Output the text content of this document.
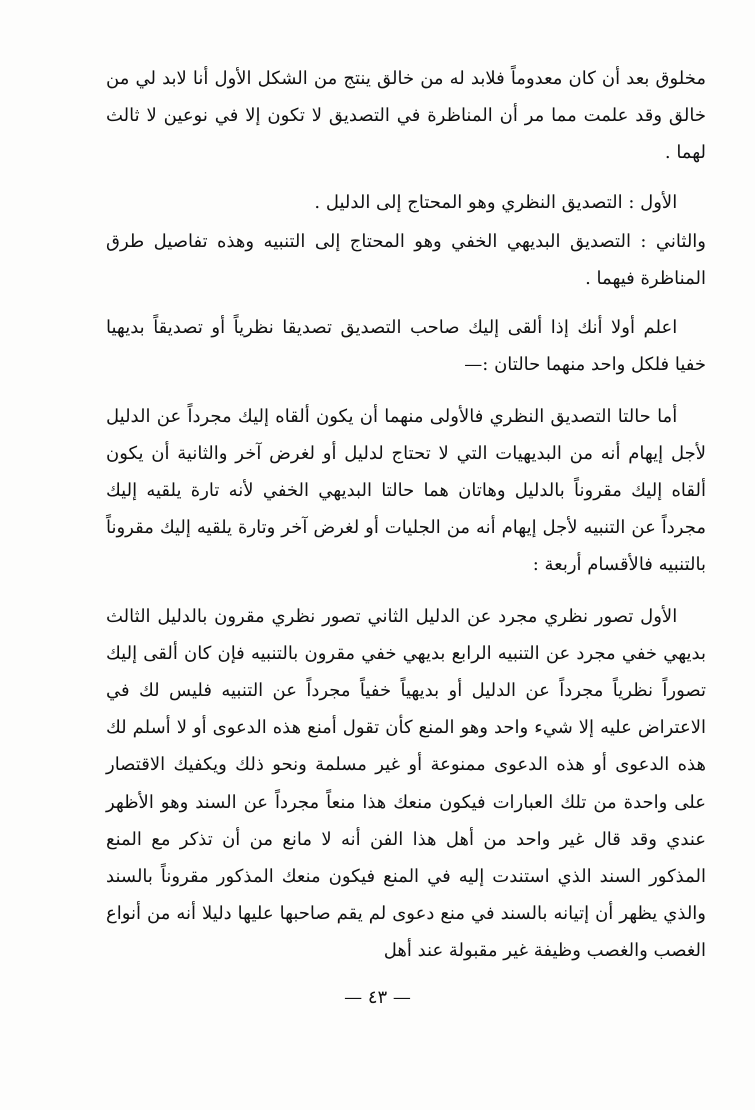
مخلوق بعد أن كان معدوماً فلابد له من خالق ينتج من الشكل الأول أنا لابد لي من خالق وقد علمت مما مر أن المناظرة في التصديق لا تكون إلا في نوعين لا ثالث لهما .

الأول : التصديق النظري وهو المحتاج إلى الدليل .

والثاني : التصديق البديهي الخفي وهو المحتاج إلى التنبيه وهذه تفاصيل طرق المناظرة فيهما .

اعلم أولا أنك إذا ألقى إليك صاحب التصديق تصديقا نظرياً أو تصديقاً بديهيا خفيا فلكل واحد منهما حالتان :—

أما حالتا التصديق النظري فالأولى منهما أن يكون ألقاه إليك مجرداً عن الدليل لأجل إيهام أنه من البديهيات التي لا تحتاج لدليل أو لغرض آخر والثانية أن يكون ألقاه إليك مقروناً بالدليل وهاتان هما حالتا البديهي الخفي لأنه تارة يلقيه إليك مجرداً عن التنبيه لأجل إيهام أنه من الجليات أو لغرض آخر وتارة يلقيه إليك مقروناً بالتنبيه فالأقسام أربعة :

الأول تصور نظري مجرد عن الدليل الثاني تصور نظري مقرون بالدليل الثالث بديهي خفي مجرد عن التنبيه الرابع بديهي خفي مقرون بالتنبيه فإن كان ألقى إليك تصوراً نظرياً مجرداً عن الدليل أو بديهياً خفياً مجرداً عن التنبيه فليس لك في الاعتراض عليه إلا شيء واحد وهو المنع كأن تقول أمنع هذه الدعوى أو لا أسلم لك هذه الدعوى أو هذه الدعوى ممنوعة أو غير مسلمة ونحو ذلك ويكفيك الاقتصار على واحدة من تلك العبارات فيكون منعك هذا منعاً مجرداً عن السند وهو الأظهر عندي وقد قال غير واحد من أهل هذا الفن أنه لا مانع من أن تذكر مع المنع المذكور السند الذي استندت إليه في المنع فيكون منعك المذكور مقروناً بالسند والذي يظهر أن إتيانه بالسند في منع دعوى لم يقم صاحبها عليها دليلا أنه من أنواع الغصب والغصب وظيفة غير مقبولة عند أهل

— ٤٣ —
